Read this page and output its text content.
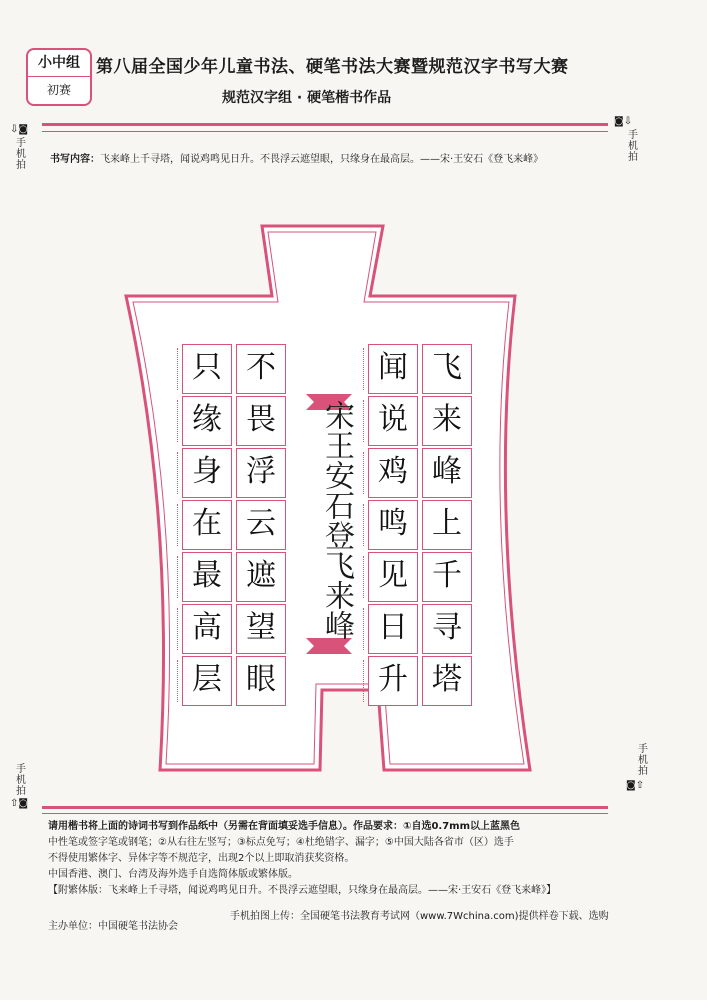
小中组
初赛
第八届全国少年儿童书法、硬笔书法大赛暨规范汉字书写大赛
规范汉字组 · 硬笔楷书作品
⇩◙
手机拍
◙⇩
手机拍
手机拍
⇧◙
手机拍
◙⇧
书写内容：飞来峰上千寻塔，闻说鸡鸣见日升。不畏浮云遮望眼，只缘身在最高层。——宋·王安石《登飞来峰》
飞
来
峰
上
千
寻
塔
闻
说
鸡
鸣
见
日
升
不
畏
浮
云
遮
望
眼
只
缘
身
在
最
高
层
宋王安石登飞来峰
请用楷书将上面的诗词书写到作品纸中（另需在背面填妥选手信息）。作品要求：①自选0.7mm以上蓝黑色
中性笔或签字笔或钢笔；②从右往左竖写；③标点免写；④杜绝错字、漏字；⑤中国大陆各省市（区）选手
不得使用繁体字、异体字等不规范字，出现2个以上即取消获奖资格。
中国香港、澳门、台湾及海外选手自选简体版或繁体版。
【附繁体版：飞来峰上千寻塔，闻说鸡鸣见日升。不畏浮云遮望眼，只缘身在最高层。——宋·王安石《登飞来峰》】
主办单位：中国硬笔书法协会
手机拍图上传：全国硬笔书法教育考试网（www.7Wchina.com)提供样卷下载、选购
